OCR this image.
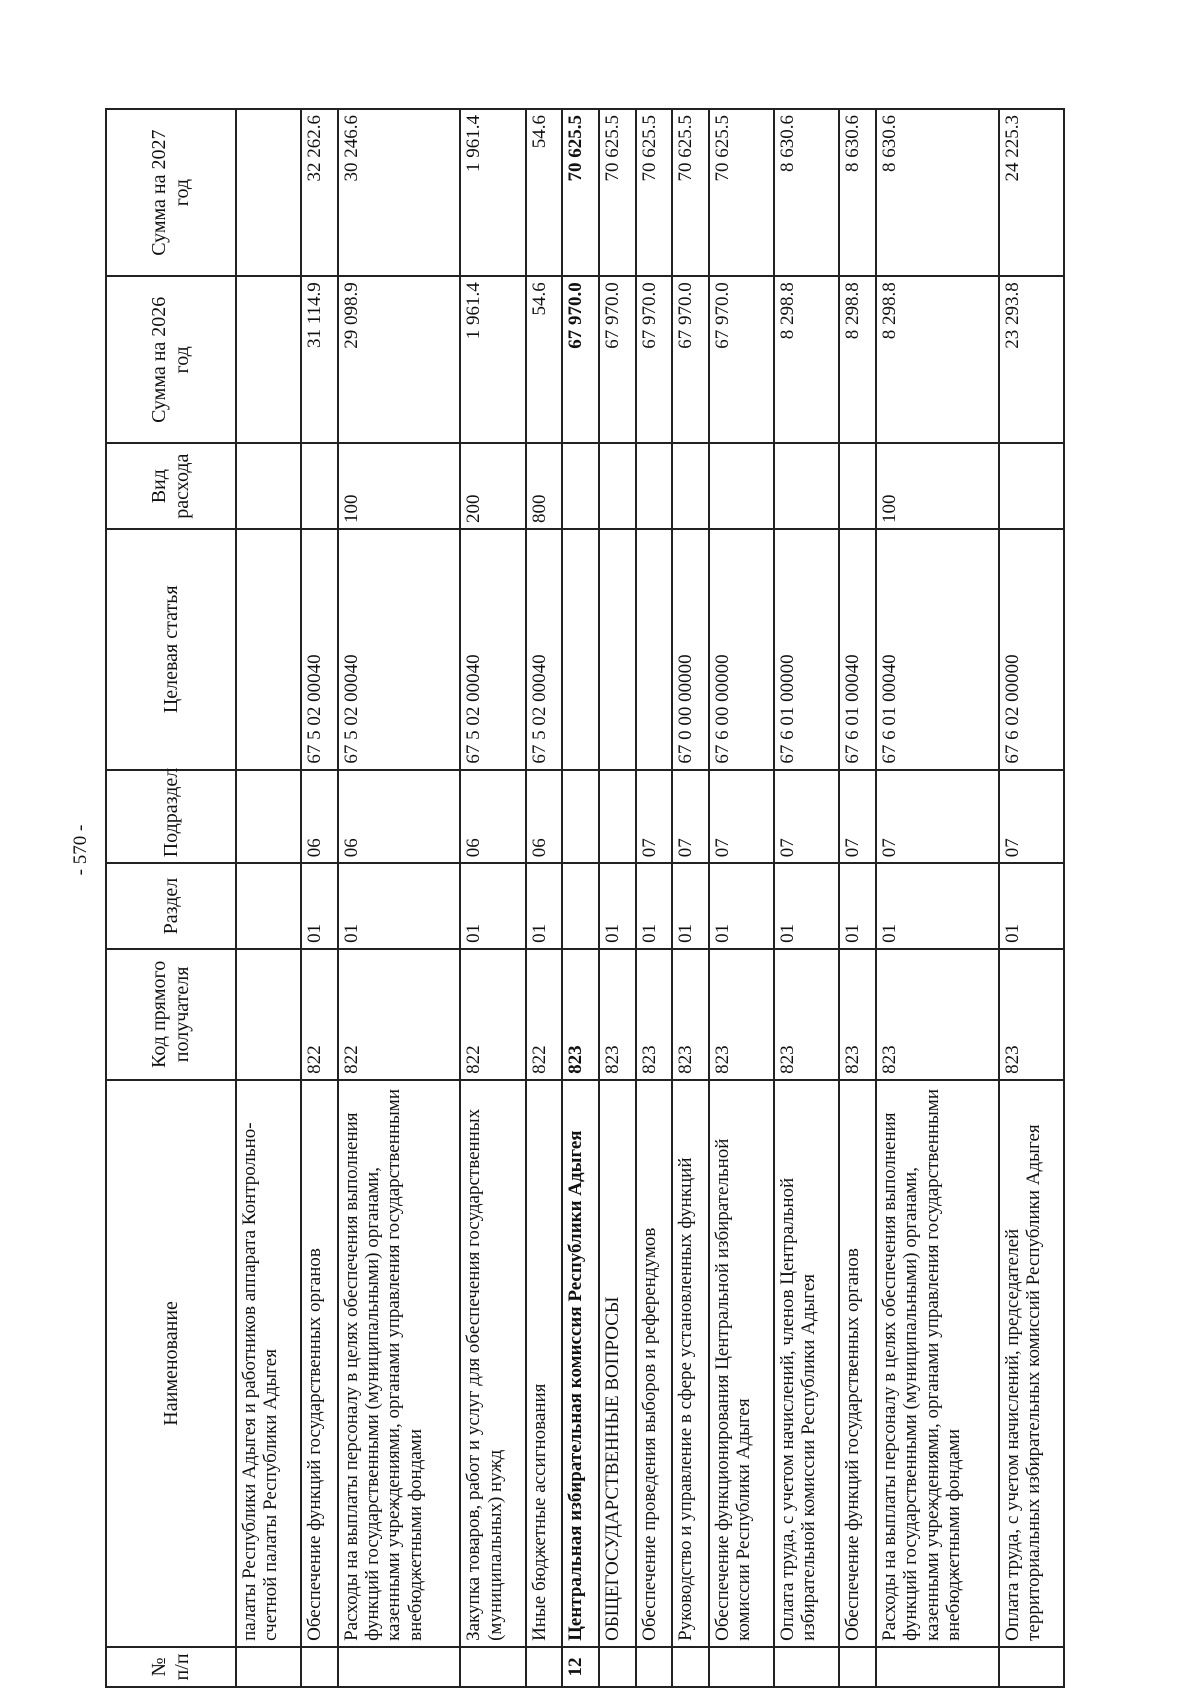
- 570 -
№ п/п	Наименование	Код прямого получателя	Раздел	Подраздел	Целевая статья	Вид расхода	Сумма на 2026 год	Сумма на 2027 год
	палаты Республики Адыгея и работников аппарата Контрольно-счетной палаты Республики Адыгея							
	Обеспечение функций государственных органов	822	01	06	67 5 02 00040		31 114.9	32 262.6
	Расходы на выплаты персоналу в целях обеспечения выполнения функций государственными (муниципальными) органами, казенными учреждениями, органами управления государственными внебюджетными фондами	822	01	06	67 5 02 00040	100	29 098.9	30 246.6
	Закупка товаров, работ и услуг для обеспечения государственных (муниципальных) нужд	822	01	06	67 5 02 00040	200	1 961.4	1 961.4
	Иные бюджетные ассигнования	822	01	06	67 5 02 00040	800	54.6	54.6
12	Центральная избирательная комиссия Республики Адыгея	823					67 970.0	70 625.5
	ОБЩЕГОСУДАРСТВЕННЫЕ ВОПРОСЫ	823	01				67 970.0	70 625.5
	Обеспечение проведения выборов и референдумов	823	01	07			67 970.0	70 625.5
	Руководство и управление в сфере установленных функций	823	01	07	67 0 00 00000		67 970.0	70 625.5
	Обеспечение функционирования Центральной избирательной комиссии Республики Адыгея	823	01	07	67 6 00 00000		67 970.0	70 625.5
	Оплата труда, с учетом начислений, членов Центральной избирательной комиссии Республики Адыгея	823	01	07	67 6 01 00000		8 298.8	8 630.6
	Обеспечение функций государственных органов	823	01	07	67 6 01 00040		8 298.8	8 630.6
	Расходы на выплаты персоналу в целях обеспечения выполнения функций государственными (муниципальными) органами, казенными учреждениями, органами управления государственными внебюджетными фондами	823	01	07	67 6 01 00040	100	8 298.8	8 630.6
	Оплата труда, с учетом начислений, председателей территориальных избирательных комиссий Республики Адыгея	823	01	07	67 6 02 00000		23 293.8	24 225.3
